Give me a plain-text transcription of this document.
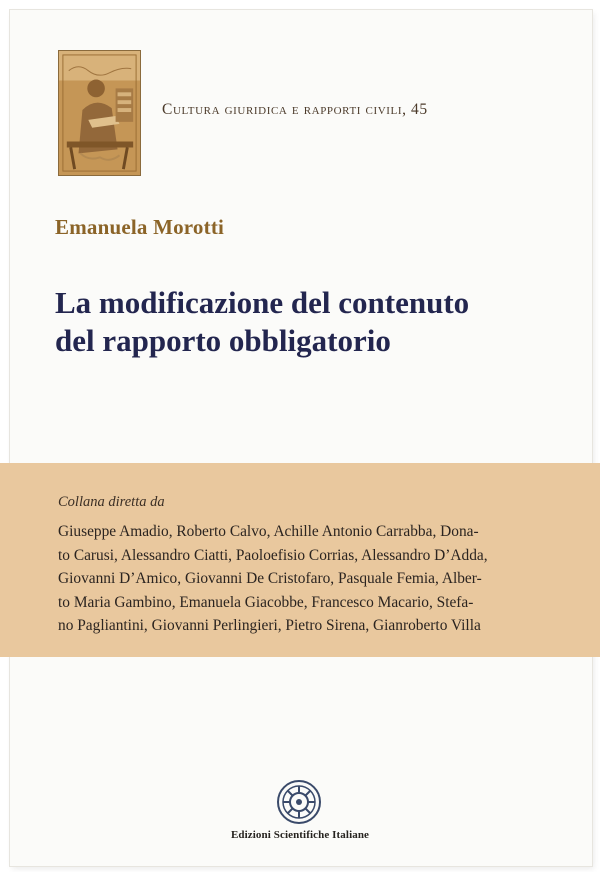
Cultura giuridica e rapporti civili, 45
Emanuela Morotti
La modificazione del contenuto
del rapporto obbligatorio
Collana diretta da
Giuseppe Amadio, Roberto Calvo, Achille Antonio Carrabba, Dona-
to Carusi, Alessandro Ciatti, Paoloefisio Corrias, Alessandro D’Adda,
Giovanni D’Amico, Giovanni De Cristofaro, Pasquale Femia, Alber-
to Maria Gambino, Emanuela Giacobbe, Francesco Macario, Stefa-
no Pagliantini, Giovanni Perlingieri, Pietro Sirena, Gianroberto Villa
Edizioni Scientifiche Italiane
